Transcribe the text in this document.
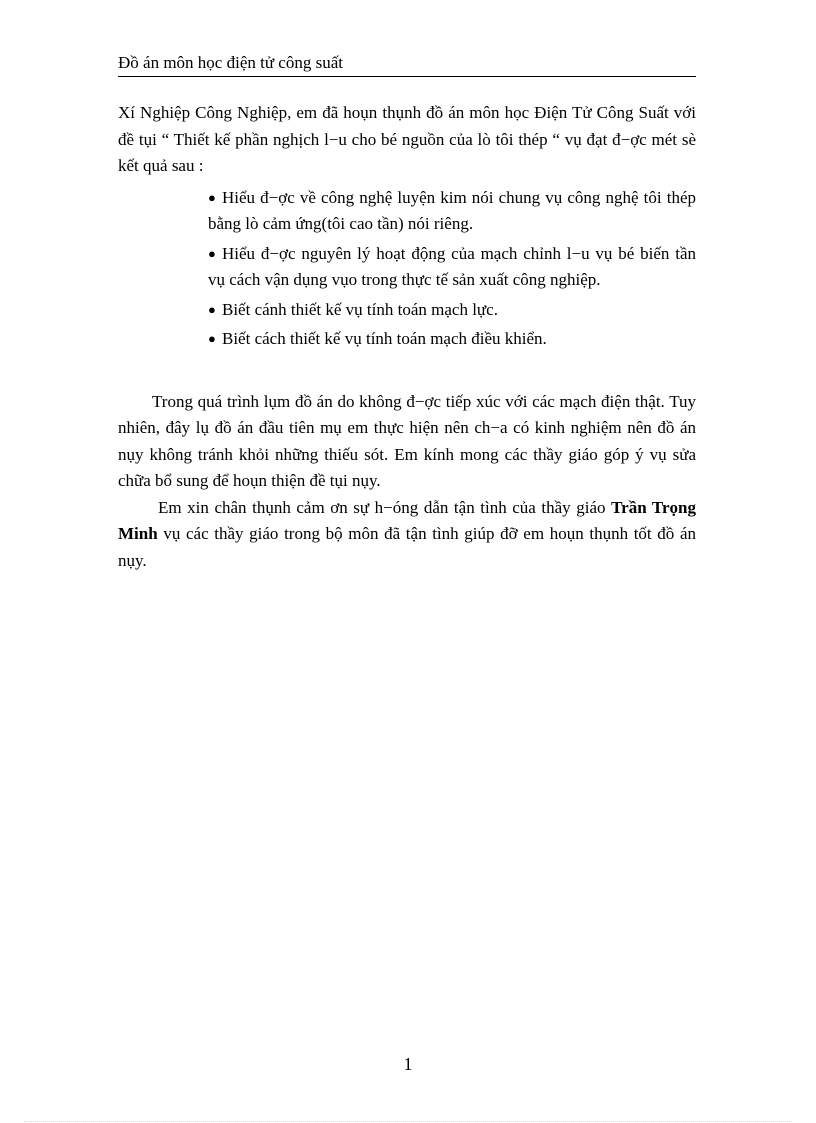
Đồ án môn học điện tử công suất

Xí Nghiệp Công Nghiệp, em đã hoụn thụnh đồ án môn học Điện Tử Công Suất với đề tụi “ Thiết kế phần nghịch l−u cho bé nguồn của lò tôi thép “ vụ đạt đ−ợc mét sè kết quả sau :

● Hiểu đ−ợc về công nghệ luyện kim nói chung vụ công nghệ tôi thép bằng lò cảm ứng(tôi cao tần) nói riêng.
● Hiểu đ−ợc nguyên lý hoạt động của mạch chỉnh l−u vụ bé biến tần vụ cách vận dụng vụo trong thực tế sản xuất công nghiệp.
● Biết cánh thiết kế vụ tính toán mạch lực.
● Biết cách thiết kế vụ tính toán mạch điều khiển.

Trong quá trình lụm đồ án do không đ−ợc tiếp xúc với các mạch điện thật. Tuy nhiên, đây lụ đồ án đầu tiên mụ em thực hiện nên ch−a có kinh nghiệm nên đồ án nụy không tránh khỏi những thiếu sót. Em kính mong các thầy giáo góp ý vụ sửa chữa bổ sung để hoụn thiện đề tụi nụy.

Em xin chân thụnh cảm ơn sự h−óng dẫn tận tình của thầy giáo Trần Trọng Minh vụ các thầy giáo trong bộ môn đã tận tình giúp đỡ em hoụn thụnh tốt đồ án nụy.

1
